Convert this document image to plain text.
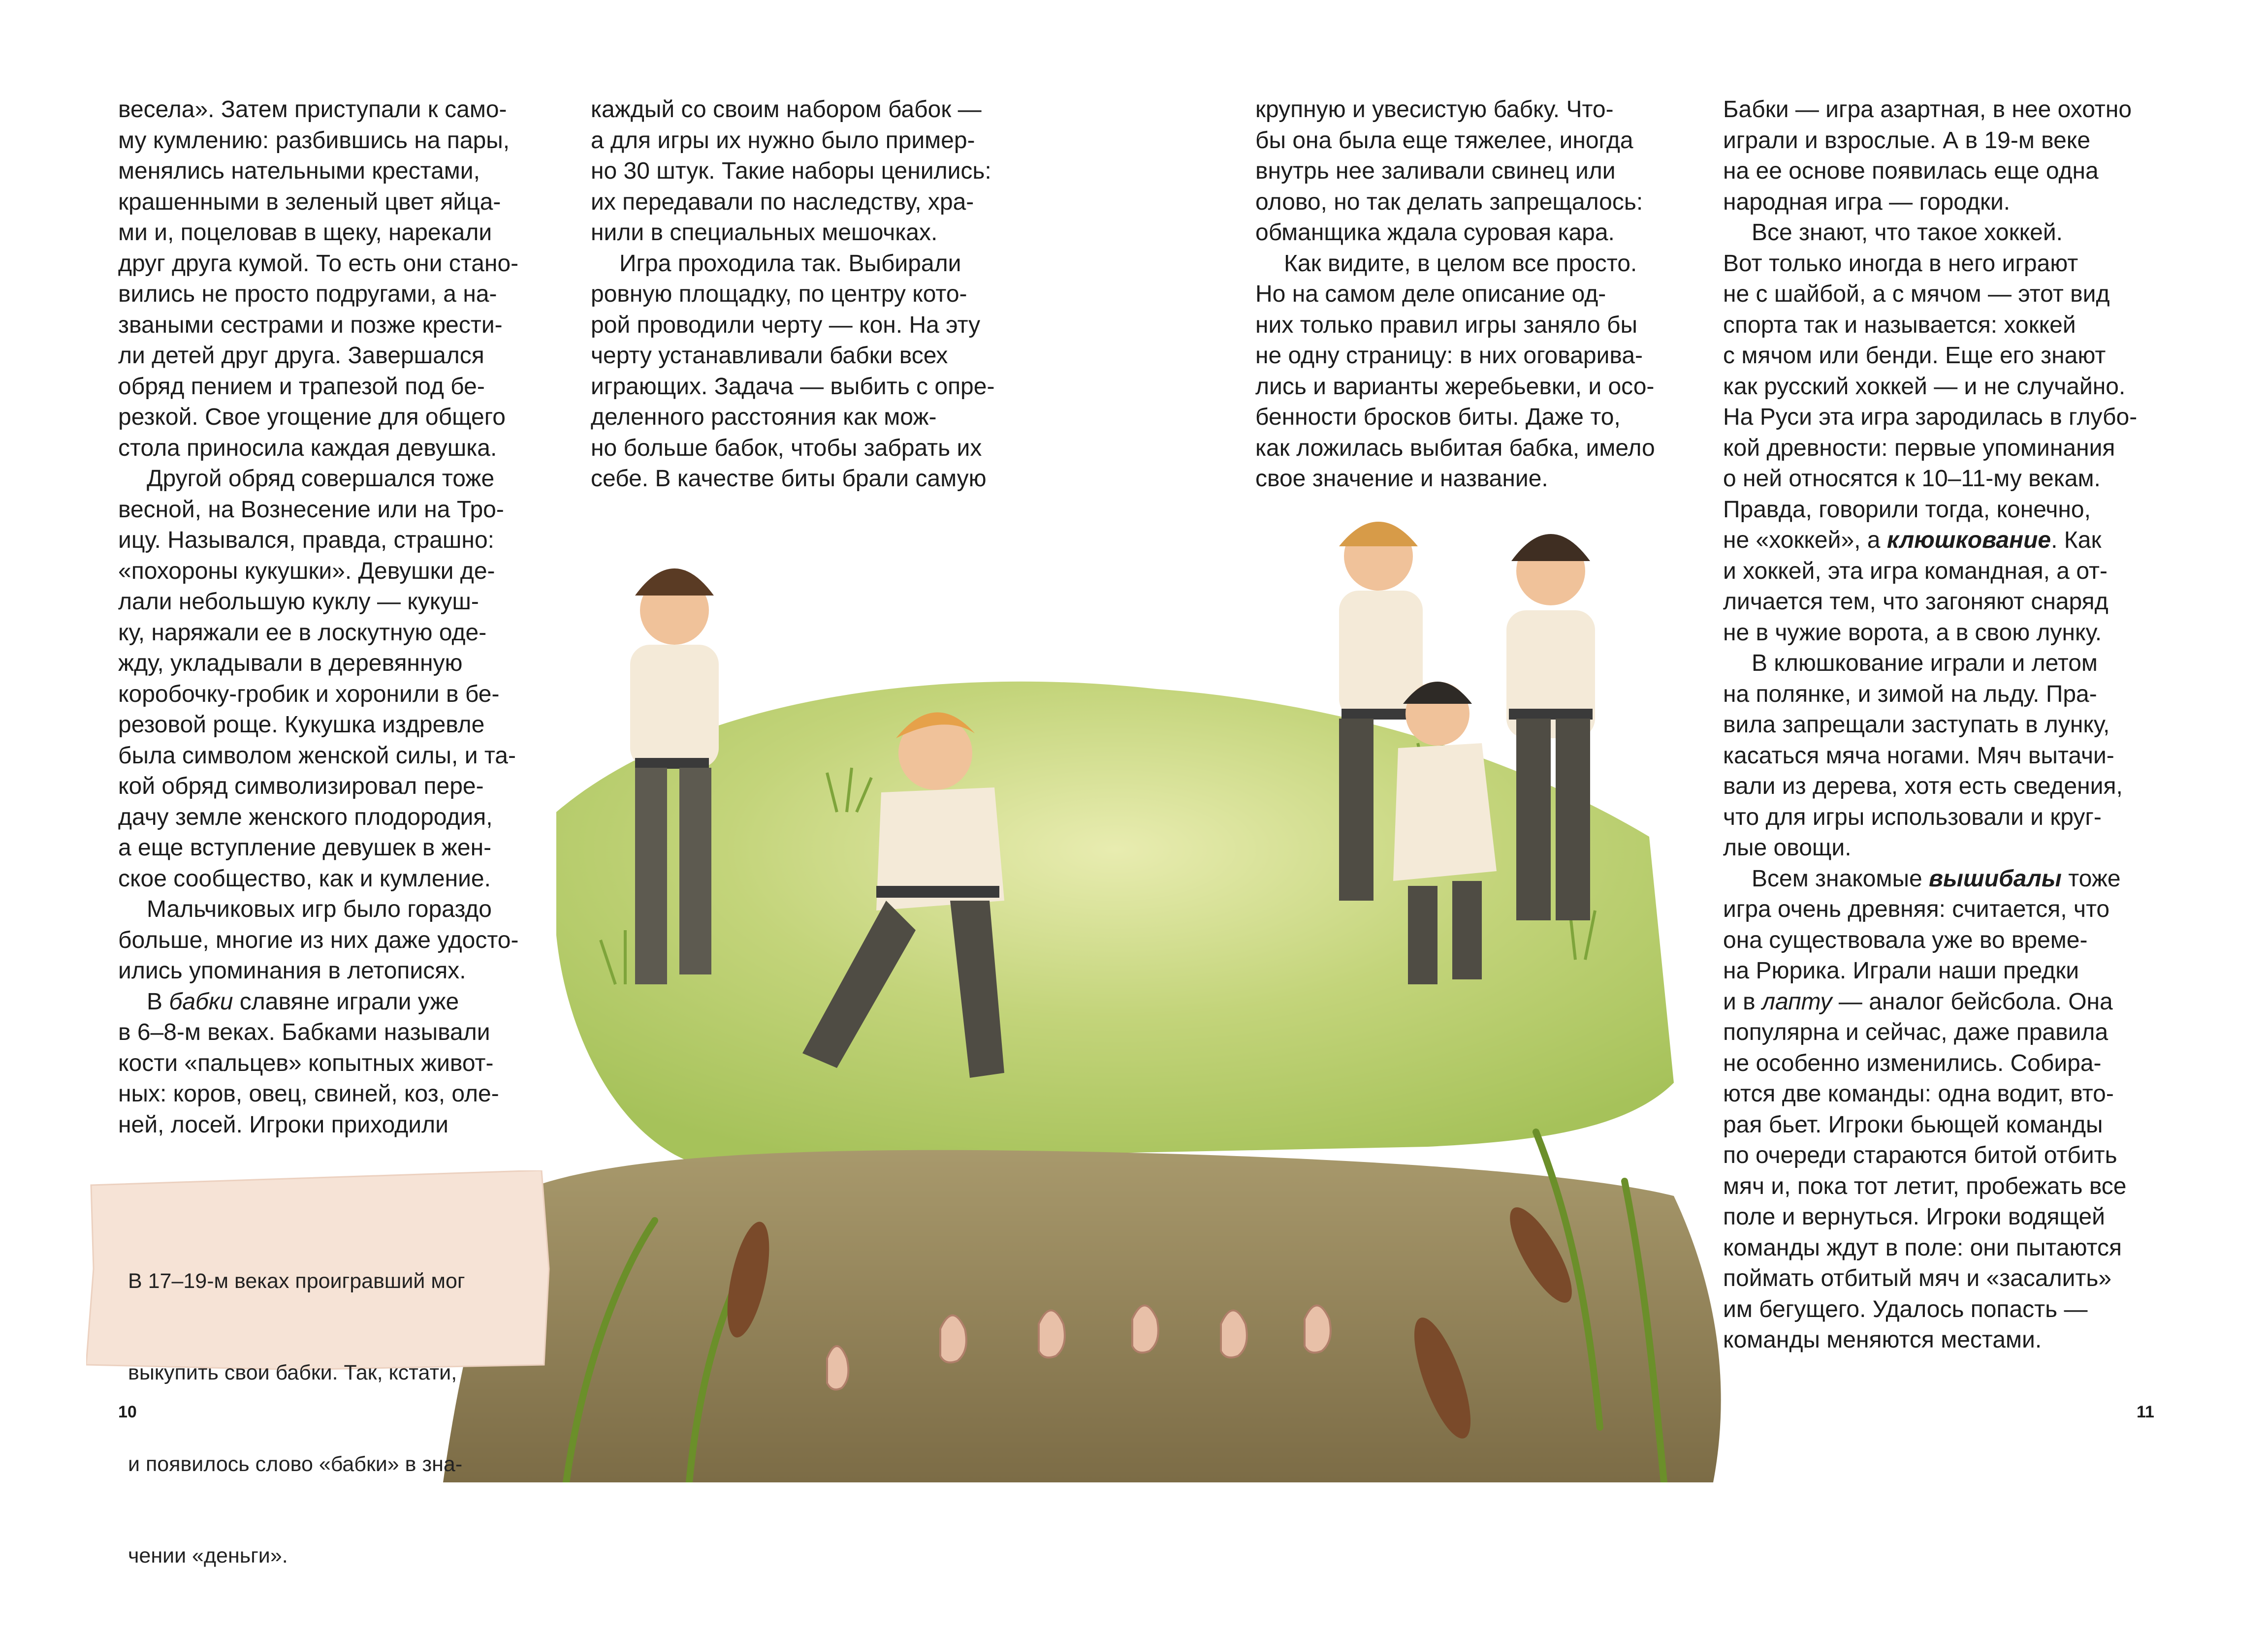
весела». Затем приступали к само-
му кумлению: разбившись на пары,
менялись нательными крестами,
крашенными в зеленый цвет яйца-
ми и, поцеловав в щеку, нарекали
друг друга кумой. То есть они стано-
вились не просто подругами, а на-
зваными сестрами и позже крести-
ли детей друг друга. Завершался
обряд пением и трапезой под бе-
резкой. Свое угощение для общего
стола приносила каждая девушка.
Другой обряд совершался тоже
весной, на Вознесение или на Тро-
ицу. Назывался, правда, страшно:
«похороны кукушки». Девушки де-
лали небольшую куклу — кукуш-
ку, наряжали ее в лоскутную оде-
жду, укладывали в деревянную
коробочку-гробик и хоронили в бе-
резовой роще. Кукушка издревле
была символом женской силы, и та-
кой обряд символизировал пере-
дачу земле женского плодородия,
а еще вступление девушек в жен-
ское сообщество, как и кумление.
Мальчиковых игр было гораздо
больше, многие из них даже удосто-
ились упоминания в летописях.
В бабки славяне играли уже
в 6–8-м веках. Бабками называли
кости «пальцев» копытных живот-
ных: коров, овец, свиней, коз, оле-
ней, лосей. Игроки приходили
каждый со своим набором бабок —
а для игры их нужно было пример-
но 30 штук. Такие наборы ценились:
их передавали по наследству, хра-
нили в специальных мешочках.
Игра проходила так. Выбирали
ровную площадку, по центру кото-
рой проводили черту — кон. На эту
черту устанавливали бабки всех
играющих. Задача — выбить с опре-
деленного расстояния как мож-
но больше бабок, чтобы забрать их
себе. В качестве биты брали самую
крупную и увесистую бабку. Что-
бы она была еще тяжелее, иногда
внутрь нее заливали свинец или
олово, но так делать запрещалось:
обманщика ждала суровая кара.
Как видите, в целом все просто.
Но на самом деле описание од-
них только правил игры заняло бы
не одну страницу: в них оговарива-
лись и варианты жеребьевки, и осо-
бенности бросков биты. Даже то,
как ложилась выбитая бабка, имело
свое значение и название.
Бабки — игра азартная, в нее охотно
играли и взрослые. А в 19-м веке
на ее основе появилась еще одна
народная игра — городки.
Все знают, что такое хоккей.
Вот только иногда в него играют
не с шайбой, а с мячом — этот вид
спорта так и называется: хоккей
с мячом или бенди. Еще его знают
как русский хоккей — и не случайно.
На Руси эта игра зародилась в глубо-
кой древности: первые упоминания
о ней относятся к 10–11-му векам.
Правда, говорили тогда, конечно,
не «хоккей», а клюшкование. Как
и хоккей, эта игра командная, а от-
личается тем, что загоняют снаряд
не в чужие ворота, а в свою лунку.
В клюшкование играли и летом
на полянке, и зимой на льду. Пра-
вила запрещали заступать в лунку,
касаться мяча ногами. Мяч вытачи-
вали из дерева, хотя есть сведения,
что для игры использовали и круг-
лые овощи.
Всем знакомые вышибалы тоже
игра очень древняя: считается, что
она существовала уже во време-
на Рюрика. Играли наши предки
и в лапту — аналог бейсбола. Она
популярна и сейчас, даже правила
не особенно изменились. Собира-
ются две команды: одна водит, вто-
рая бьет. Игроки бьющей команды
по очереди стараются битой отбить
мяч и, пока тот летит, пробежать все
поле и вернуться. Игроки водящей
команды ждут в поле: они пытаются
поймать отбитый мяч и «засалить»
им бегущего. Удалось попасть —
команды меняются местами.

В 17–19-м веках проигравший мог

выкупить свои бабки. Так, кстати,

и появилось слово «бабки» в зна-

чении «деньги».

10	11
